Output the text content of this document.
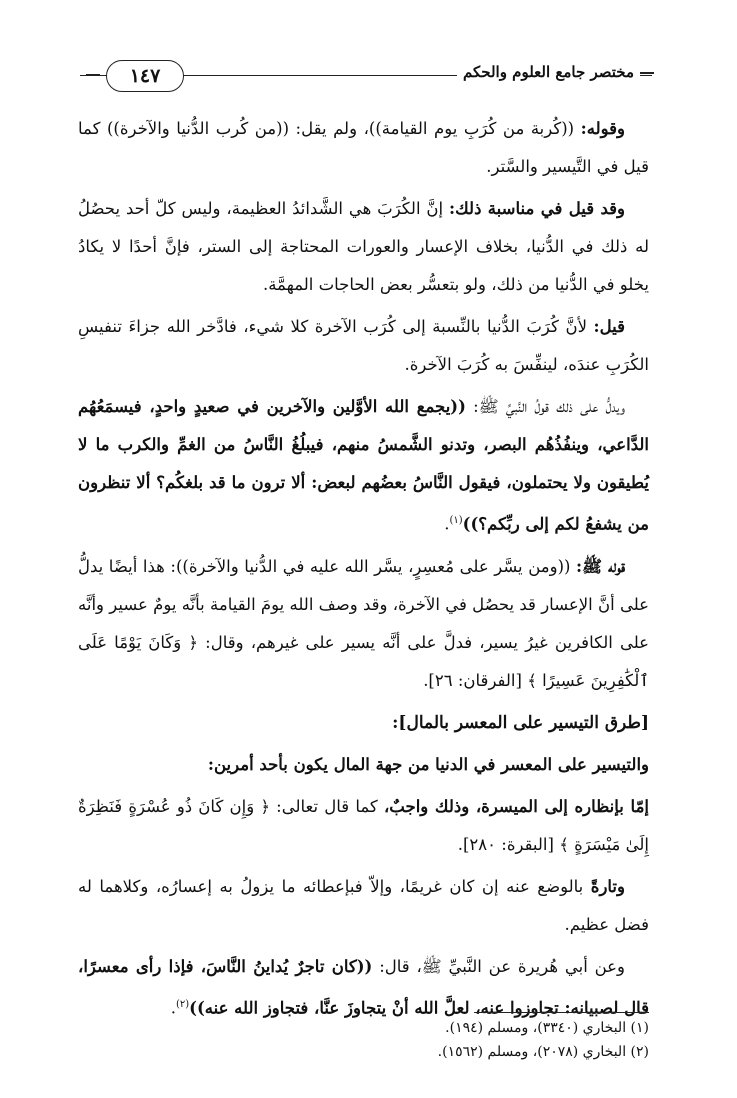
مختصر جامع العلوم والحكم
١٤٧

وقوله: ((كُربة من كُرَبِ يوم القيامة))، ولم يقل: ((من كُرب الدُّنيا والآخرة)) كما قيل في التَّيسير والسَّتر.

وقد قيل في مناسبة ذلك: إنَّ الكُرَبَ هي الشَّدائدُ العظيمة، وليس كلّ أحد يحصُلُ له ذلك في الدُّنيا، بخلاف الإعسار والعورات المحتاجة إلى الستر، فإنَّ أحدًا لا يكادُ يخلو في الدُّنيا من ذلك، ولو بتعسُّر بعض الحاجات المهمَّة.

قيل: لأنَّ كُرَبَ الدُّنيا بالنِّسبة إلى كُرَب الآخرة كلا شيء، فادَّخر الله جزاءَ تنفيسِ الكُرَبِ عندَه، لينفِّسَ به كُرَبَ الآخرة.

ويدلُّ على ذلك قولُ النَّبيِّ ﷺ: ((يجمع الله الأوَّلين والآخرين في صعيدٍ واحدٍ، فيسمَعُهُم الدَّاعي، وينفُذُهُم البصر، وتدنو الشَّمسُ منهم، فيبلُغُ النَّاسُ من الغمِّ والكرب ما لا يُطيقون ولا يحتملون، فيقول النَّاسُ بعضُهم لبعض: ألا ترون ما قد بلغكُم؟ ألا تنظرون من يشفعُ لكم إلى ربِّكم؟))$^{(١)}$.

قوله ﷺ: ((ومن يسَّر على مُعسِرٍ، يسَّر الله عليه في الدُّنيا والآخرة)): هذا أيضًا يدلُّ على أنَّ الإعسار قد يحصُل في الآخرة، وقد وصف الله يومَ القيامة بأنَّه يومٌ عسير وأنَّه على الكافرين غيرُ يسير، فدلَّ على أنَّه يسير على غيرهم، وقال: ﴿ وَكَانَ يَوْمًا عَلَى ٱلْكَٰفِرِينَ عَسِيرًا ﴾ [الفرقان: ٢٦].

[طرق التيسير على المعسر بالمال]:

والتيسير على المعسر في الدنيا من جهة المال يكون بأحد أمرين:

إمّا بإنظاره إلى الميسرة، وذلك واجبٌ، كما قال تعالى: ﴿ وَإِن كَانَ ذُو عُسْرَةٍ فَنَظِرَةٌ إِلَىٰ مَيْسَرَةٍ ﴾ [البقرة: ٢٨٠].

وتارةً بالوضع عنه إن كان غريمًا، وإلاّ فبإعطائه ما يزولُ به إعسارُه، وكلاهما له فضل عظيم.

وعن أبي هُريرة عن النَّبيِّ ﷺ، قال: ((كان تاجرٌ يُداينُ النَّاسَ، فإذا رأى معسرًا، قال لصبيانه: تجاوزوا عنه، لعلَّ الله أنْ يتجاوزَ عنَّا، فتجاوز الله عنه))$^{(٢)}$.

(١) البخاري (٣٣٤٠)، ومسلم (١٩٤).
(٢) البخاري (٢٠٧٨)، ومسلم (١٥٦٢).
